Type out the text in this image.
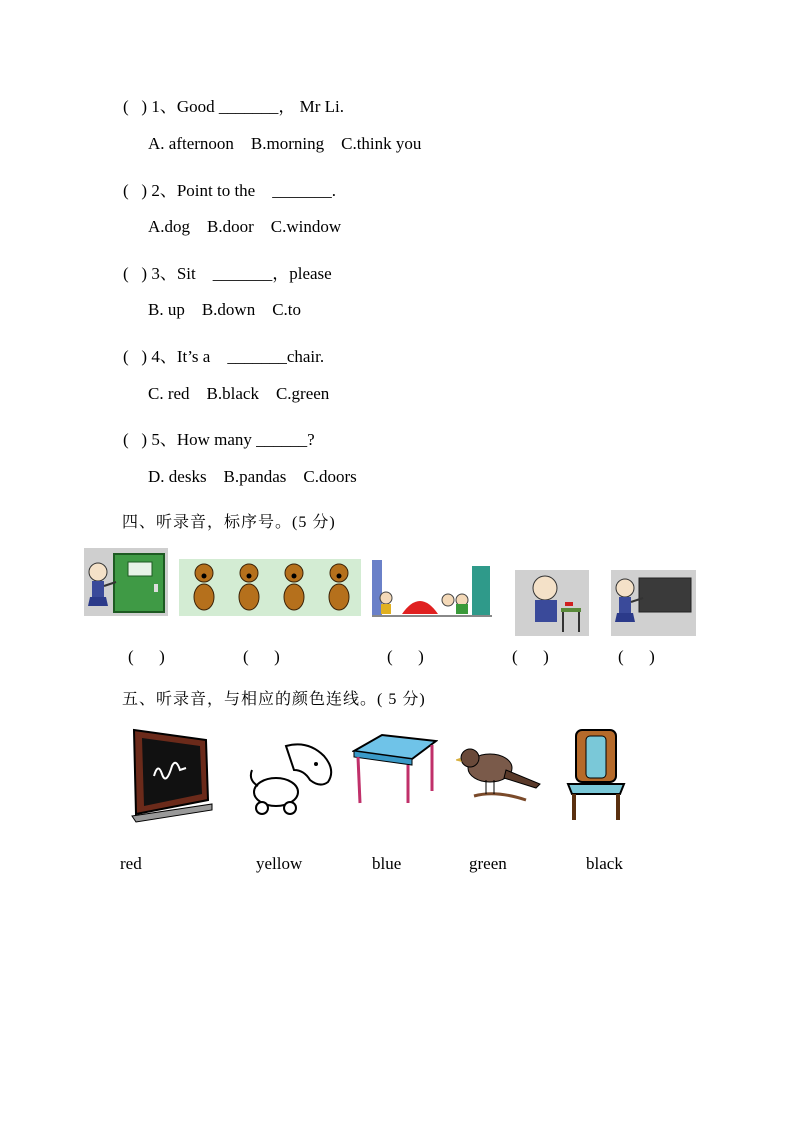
(   ) 1、Good _______， Mr Li.
A. afternoon    B.morning    C.think you
(   ) 2、Point to the    _______.
A.dog    B.door    C.window
(   ) 3、Sit    _______，please
B. up    B.down    C.to
(   ) 4、It’s a    _______chair.
C. red    B.black    C.green
(   ) 5、How many ______?
D. desks    B.pandas    C.doors
四、听录音，标序号。(5 分)
(      )	(      )	(      )	(      )	(      )
五、听录音，与相应的颜色连线。( 5 分)
red	yellow	blue	green	black
